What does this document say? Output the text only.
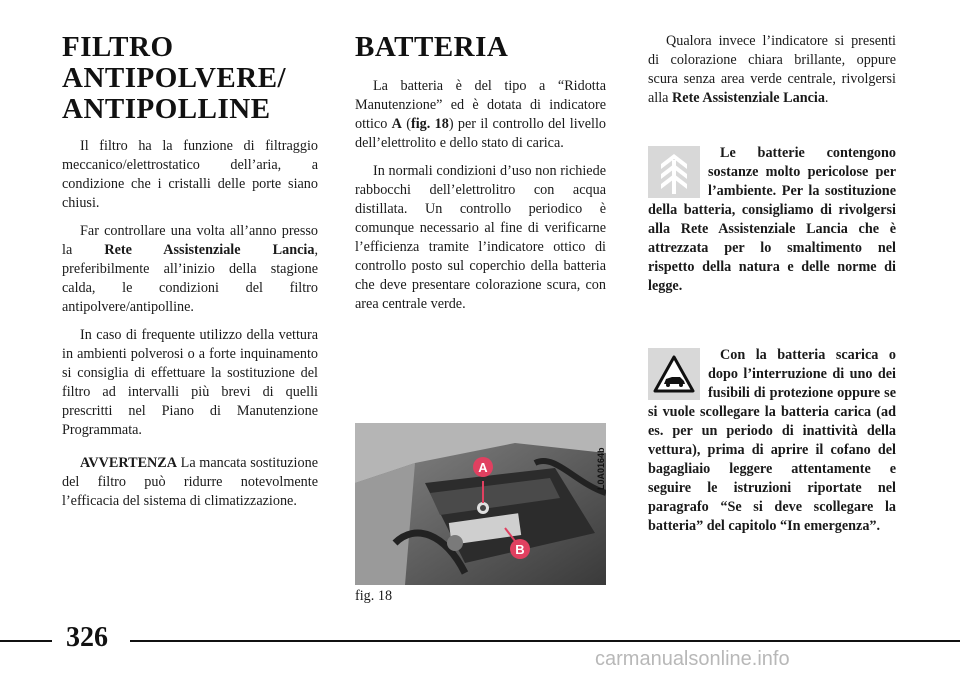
FILTRO ANTIPOLVERE/ ANTIPOLLINE

Il filtro ha la funzione di filtraggio meccanico/elettrostatico dell’aria, a condizione che i cristalli delle porte siano chiusi.

Far controllare una volta all’anno presso la Rete Assistenziale Lancia, preferibilmente all’inizio della stagione calda, le condizioni del filtro antipolvere/antipolline.

In caso di frequente utilizzo della vettura in ambienti polverosi o a forte inquinamento si consiglia di effettuare la sostituzione del filtro ad intervalli più brevi di quelli prescritti nel Piano di Manutenzione Programmata.

AVVERTENZA La mancata sostituzione del filtro può ridurre notevolmente l’efficacia del sistema di climatizzazione.

BATTERIA

La batteria è del tipo a “Ridotta Manutenzione” ed è dotata di indicatore ottico A (fig. 18) per il controllo del livello dell’elettrolito e dello stato di carica.

In normali condizioni d’uso non richiede rabbocchi dell’elettrolitro con acqua distillata. Un controllo periodico è comunque necessario al fine di verificarne l’efficienza tramite l’indicatore ottico di controllo posto sul coperchio della batteria che deve presentare colorazione scura, con area centrale verde.

A
B
L0A0164b
fig. 18

Qualora invece l’indicatore si presenti di colorazione chiara brillante, oppure scura senza area verde centrale, rivolgersi alla Rete Assistenziale Lancia.

Le batterie contengono sostanze molto pericolose per l’ambiente. Per la sostituzione della batteria, consigliamo di rivolgersi alla Rete Assistenziale Lancia che è attrezzata per lo smaltimento nel rispetto della natura e delle norme di legge.

Con la batteria scarica o dopo l’interruzione di uno dei fusibili di protezione oppure se si vuole scollegare la batteria carica (ad es. per un periodo di inattività della vettura), prima di aprire il cofano del bagagliaio leggere attentamente e seguire le istruzioni riportate nel paragrafo “Se si deve scollegare la batteria” del capitolo “In emergenza”.

326
carmanualsonline.info
